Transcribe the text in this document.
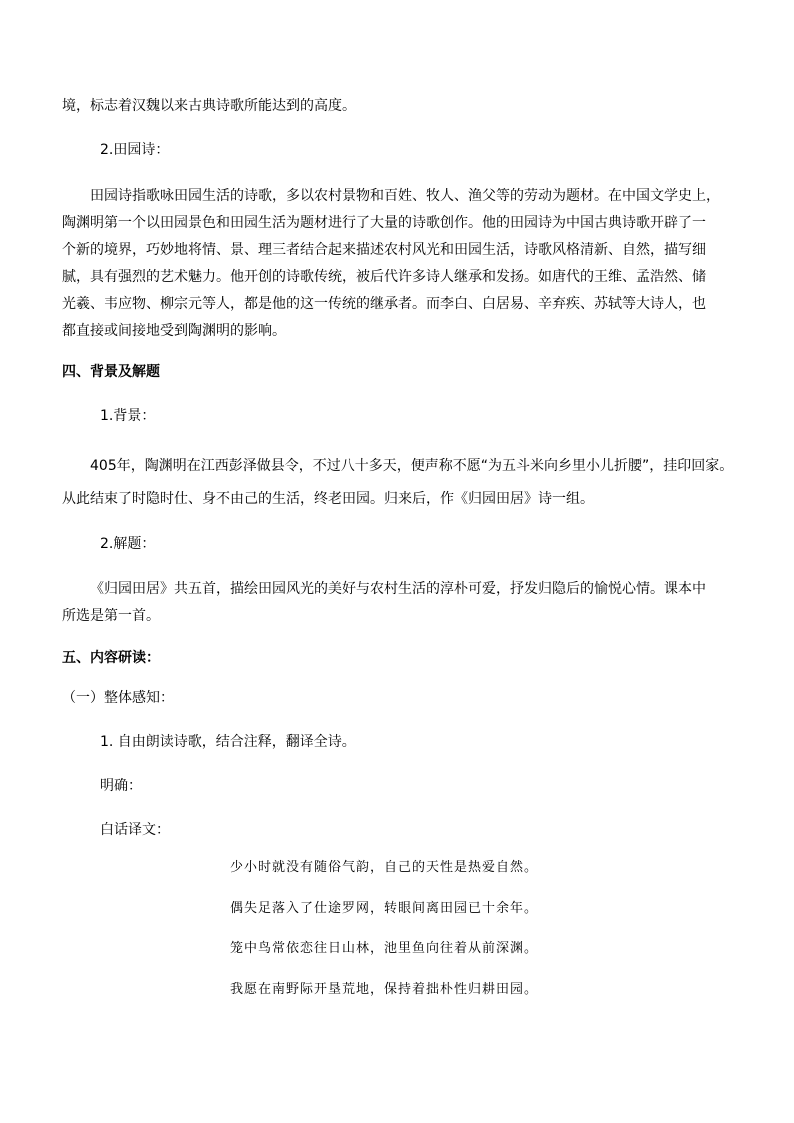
境，标志着汉魏以来古典诗歌所能达到的高度。
2.田园诗：
田园诗指歌咏田园生活的诗歌，多以农村景物和百姓、牧人、渔父等的劳动为题材。在中国文学史上，
陶渊明第一个以田园景色和田园生活为题材进行了大量的诗歌创作。他的田园诗为中国古典诗歌开辟了一
个新的境界，巧妙地将情、景、理三者结合起来描述农村风光和田园生活，诗歌风格清新、自然，描写细
腻，具有强烈的艺术魅力。他开创的诗歌传统，被后代许多诗人继承和发扬。如唐代的王维、孟浩然、储
光羲、韦应物、柳宗元等人，都是他的这一传统的继承者。而李白、白居易、辛弃疾、苏轼等大诗人，也
都直接或间接地受到陶渊明的影响。
四、背景及解题
1.背景：
405年，陶渊明在江西彭泽做县令，不过八十多天，便声称不愿“为五斗米向乡里小儿折腰”，挂印回家。
从此结束了时隐时仕、身不由己的生活，终老田园。归来后，作《归园田居》诗一组。
2.解题：
《归园田居》共五首，描绘田园风光的美好与农村生活的淳朴可爱，抒发归隐后的愉悦心情。课本中
所选是第一首。
五、内容研读：
（一）整体感知：
1. 自由朗读诗歌，结合注释，翻译全诗。
明确：
白话译文：
少小时就没有随俗气韵，自己的天性是热爱自然。
偶失足落入了仕途罗网，转眼间离田园已十余年。
笼中鸟常依恋往日山林，池里鱼向往着从前深渊。
我愿在南野际开垦荒地，保持着拙朴性归耕田园。
